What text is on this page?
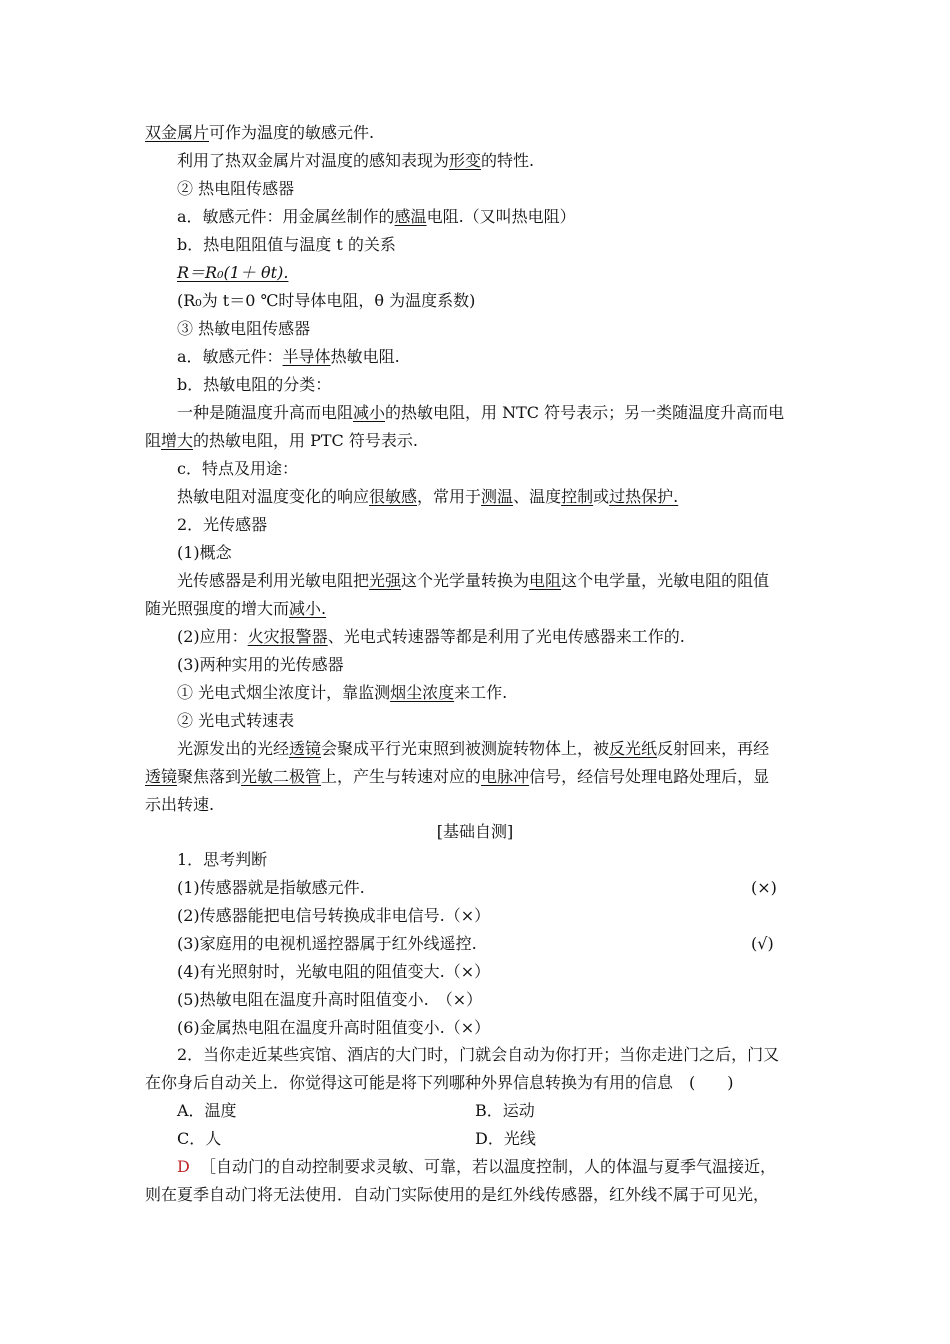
双金属片可作为温度的敏感元件.
利用了热双金属片对温度的感知表现为形变的特性.
② 热电阻传感器
a．敏感元件：用金属丝制作的感温电阻.（又叫热电阻）
b．热电阻阻值与温度 t 的关系
R＝R₀(1＋ θt).
(R₀为 t＝0 ℃时导体电阻，θ 为温度系数)
③ 热敏电阻传感器
a．敏感元件：半导体热敏电阻.
b．热敏电阻的分类：
一种是随温度升高而电阻减小的热敏电阻，用 NTC 符号表示；另一类随温度升高而电
阻增大的热敏电阻，用 PTC 符号表示.
c．特点及用途：
热敏电阻对温度变化的响应很敏感，常用于测温、温度控制或过热保护.
2．光传感器
(1)概念
光传感器是利用光敏电阻把光强这个光学量转换为电阻这个电学量，光敏电阻的阻值
随光照强度的增大而减小.
(2)应用：火灾报警器、光电式转速器等都是利用了光电传感器来工作的.
(3)两种实用的光传感器
① 光电式烟尘浓度计，靠监测烟尘浓度来工作.
② 光电式转速表
光源发出的光经透镜会聚成平行光束照到被测旋转物体上，被反光纸反射回来，再经
透镜聚焦落到光敏二极管上，产生与转速对应的电脉冲信号，经信号处理电路处理后，显
示出转速.
[基础自测]
1．思考判断
(1)传感器就是指敏感元件.	(×)
(2)传感器能把电信号转换成非电信号.（×）
(3)家庭用的电视机遥控器属于红外线遥控.	(√)
(4)有光照射时，光敏电阻的阻值变大.（×）
(5)热敏电阻在温度升高时阻值变小.　（×）
(6)金属热电阻在温度升高时阻值变小.（×）
2．当你走近某些宾馆、酒店的大门时，门就会自动为你打开；当你走进门之后，门又
在你身后自动关上．你觉得这可能是将下列哪种外界信息转换为有用的信息　(　　)
A．温度	B．运动
C．人	D．光线
D ［自动门的自动控制要求灵敏、可靠，若以温度控制，人的体温与夏季气温接近，
则在夏季自动门将无法使用．自动门实际使用的是红外线传感器，红外线不属于可见光，
